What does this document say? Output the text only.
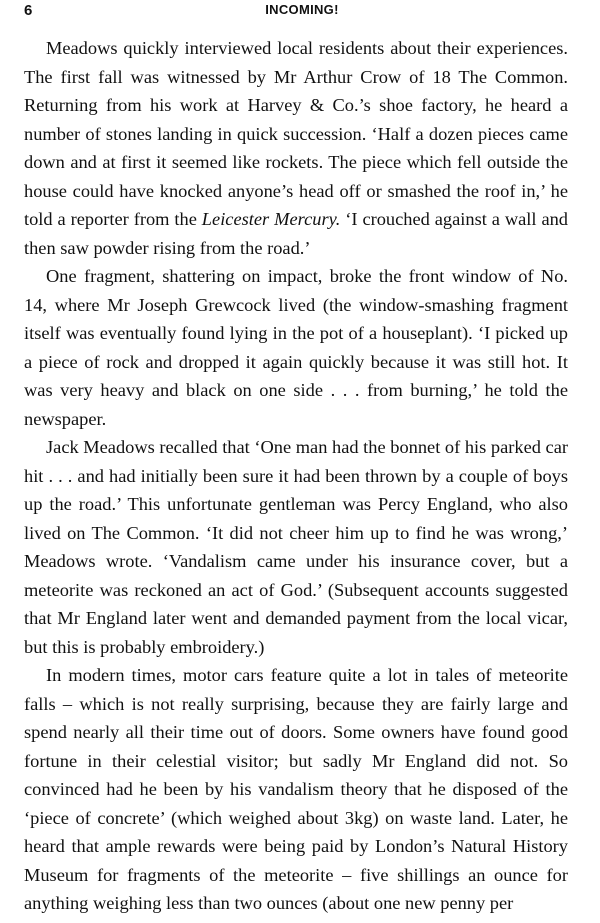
6	INCOMING!

Meadows quickly interviewed local residents about their experiences. The first fall was witnessed by Mr Arthur Crow of 18 The Common. Returning from his work at Harvey & Co.’s shoe factory, he heard a number of stones landing in quick succession. ‘Half a dozen pieces came down and at first it seemed like rockets. The piece which fell outside the house could have knocked anyone’s head off or smashed the roof in,’ he told a reporter from the Leicester Mercury. ‘I crouched against a wall and then saw powder rising from the road.’

One fragment, shattering on impact, broke the front window of No. 14, where Mr Joseph Grewcock lived (the window-smashing fragment itself was eventually found lying in the pot of a houseplant). ‘I picked up a piece of rock and dropped it again quickly because it was still hot. It was very heavy and black on one side . . . from burning,’ he told the newspaper.

Jack Meadows recalled that ‘One man had the bonnet of his parked car hit . . . and had initially been sure it had been thrown by a couple of boys up the road.’ This unfortunate gentleman was Percy England, who also lived on The Common. ‘It did not cheer him up to find he was wrong,’ Meadows wrote. ‘Vandalism came under his insurance cover, but a meteorite was reckoned an act of God.’ (Subsequent accounts suggested that Mr England later went and demanded payment from the local vicar, but this is probably embroidery.)

In modern times, motor cars feature quite a lot in tales of meteorite falls – which is not really surprising, because they are fairly large and spend nearly all their time out of doors. Some owners have found good fortune in their celestial visitor; but sadly Mr England did not. So convinced had he been by his vandalism theory that he disposed of the ‘piece of concrete’ (which weighed about 3kg) on waste land. Later, he heard that ample rewards were being paid by London’s Natural History Museum for fragments of the meteorite – five shillings an ounce for anything weighing less than two ounces (about one new penny per
